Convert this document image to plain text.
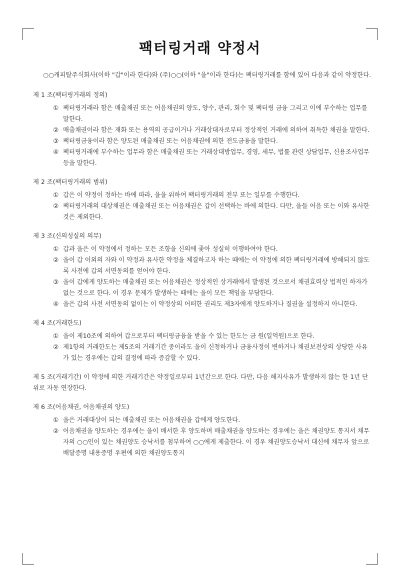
팩터링거래 약정서

○○캐피탈주식회사(이하 "갑"이라 한다)와 (주)○○(이하 "을"이라 한다)는 팩터링거래를 함에 있어 다음과 같이 약정한다.

제 1 조(팩터링거래의 정의)

① 팩터링거래라 함은 매출채권 또는 어음채권의 양도, 양수, 관리, 회수 및 팩터링 금융 그리고 이에 부수하는 업무를 말한다.

② 매출채권이라 함은 재화 또는 용역의 공급이거나 거래상대자로부터 정상적인 거래에 의하여 취득한 채권을 말한다.

③ 팩터링금융이라 함은 양도된 매출채권 또는 어음채권에 의한 전도금융을 말한다.

④ 팩터링거래에 부수하는 업무라 함은 매출채권 또는 거래상대방업무, 경영, 세무, 법률 관련 상담업무, 신용조사업무 등을 말한다.

제 2 조(팩터링거래의 범위)

① 갑은 이 약정이 정하는 바에 따라, 을을 위하여 팩터링거래의 전부 또는 일부를 수행한다.

② 팩터링거래의 대상채권은 매출채권 또는 어음채권은 갑이 선택하는 바에 의한다. 다만, 을들 어음 또는 이와 유사한 것은 제외한다.

제 3 조(신의성실의 의무)

① 갑과 을은 이 약정에서 정하는 모든 조항을 신의에 좇아 성실히 이행하여야 한다.

② 을이 갑 이외의 자와 이 약정과 유사한 약정을 체결하고자 하는 때에는 이 약정에 의한 팩터링거래에 방해되지 않도록 사전에 갑의 서면동의를 얻어야 한다.

③ 을이 갑에게 양도하는 매출채권 또는 어음채권은 정상적인 상거래에서 발생된 것으로서 채권효력상 법적인 하자가 없는 것으로 한다. 이 경우 문제가 발생하는 때에는 을이 모든 책임을 부담한다.

④ 을은 갑의 사전 서면동의 없이는 이 약정상의 어떠한 권리도 제3자에게 양도하거나 질권을 설정하지 아니한다.

제 4 조(거래한도)

① 을이 제10조에 의하여 갑으로부터 팩터링금융을 받을 수 있는 한도는 금 원(일억원)으로 한다.

② 제1항의 거래한도는 제5조의 거래기간 중이라도 을이 신청하거나 금융사정이 변하거나 채권보전상의 상당한 사유가 있는 경우에는 갑의 결정에 따라 증감할 수 있다.

제 5 조(거래기간) 이 약정에 의한 거래기간은 약정일로부터 1년간으로 한다. 다만, 다음 해지사유가 발생하지 않는 한 1년 단위로 자동 연장한다.

제 6 조(어음채권, 어음채권의 양도)

① 을은 거래대상이 되는 매출채권 또는 어음채권을 갑에게 양도한다.

② 어음채권을 양도하는 경우에는 을이 배서한 후 양도하며 매출채권을 양도하는 경우에는 을은 채권양도 통지서 채무자의 ○○인이 있는 채권양도 승낙서를 첨부하여 ○○에게 제출한다. 이 경우 채권양도승낙서 대신에 채무자 앞으로 배달증명 내용증명 우편에 의한 채권양도통지
